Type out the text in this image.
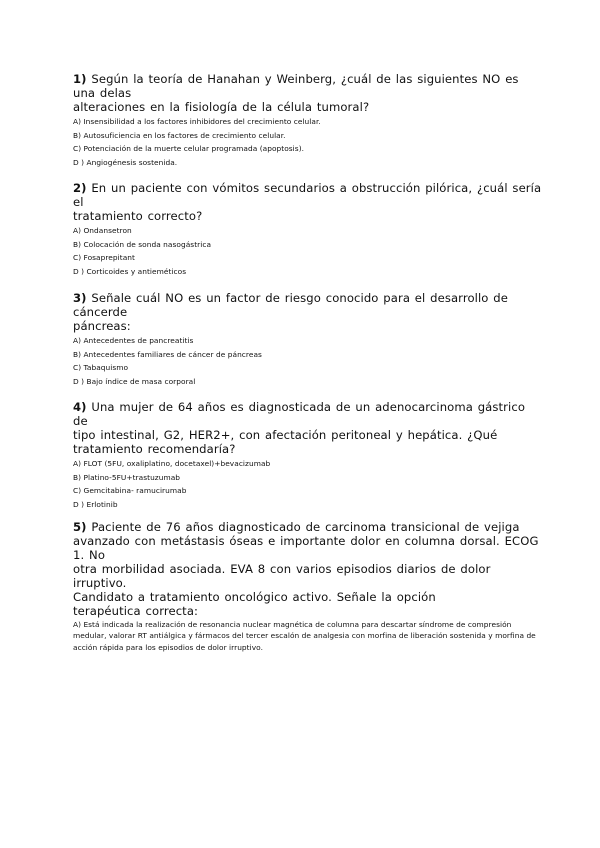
1) Según la teoría de Hanahan y Weinberg, ¿cuál de las siguientes NO es una delas
alteraciones en la fisiología de la célula tumoral?
A) Insensibilidad a los factores inhibidores del crecimiento celular.
B) Autosuficiencia en los factores de crecimiento celular.
C) Potenciación de la muerte celular programada (apoptosis).
D ) Angiogénesis sostenida.
2) En un paciente con vómitos secundarios a obstrucción pilórica, ¿cuál sería el
tratamiento correcto?
A) Ondansetron
B) Colocación de sonda nasogástrica
C) Fosaprepitant
D ) Corticoides y antieméticos
3) Señale cuál NO es un factor de riesgo conocido para el desarrollo de cáncerde
páncreas:
A) Antecedentes de pancreatitis
B) Antecedentes familiares de cáncer de páncreas
C) Tabaquismo
D ) Bajo índice de masa corporal
4) Una mujer de 64 años es diagnosticada de un adenocarcinoma gástrico de
tipo intestinal, G2, HER2+, con afectación peritoneal y hepática. ¿Qué
tratamiento recomendaría?
A) FLOT (5FU, oxaliplatino, docetaxel)+bevacizumab
B) Platino-5FU+trastuzumab
C) Gemcitabina- ramucirumab
D ) Erlotinib
5) Paciente de 76 años diagnosticado de carcinoma transicional de vejiga
avanzado con metástasis óseas e importante dolor en columna dorsal. ECOG 1. No
otra morbilidad asociada. EVA 8 con varios episodios diarios de dolor irruptivo.
Candidato a tratamiento oncológico activo. Señale la opción
terapéutica correcta:
A) Está indicada la realización de resonancia nuclear magnética de columna para descartar síndrome de compresión medular, valorar RT antiálgica y fármacos del tercer escalón de analgesia con morfina de liberación sostenida y morfina de acción rápida para los episodios de dolor irruptivo.
